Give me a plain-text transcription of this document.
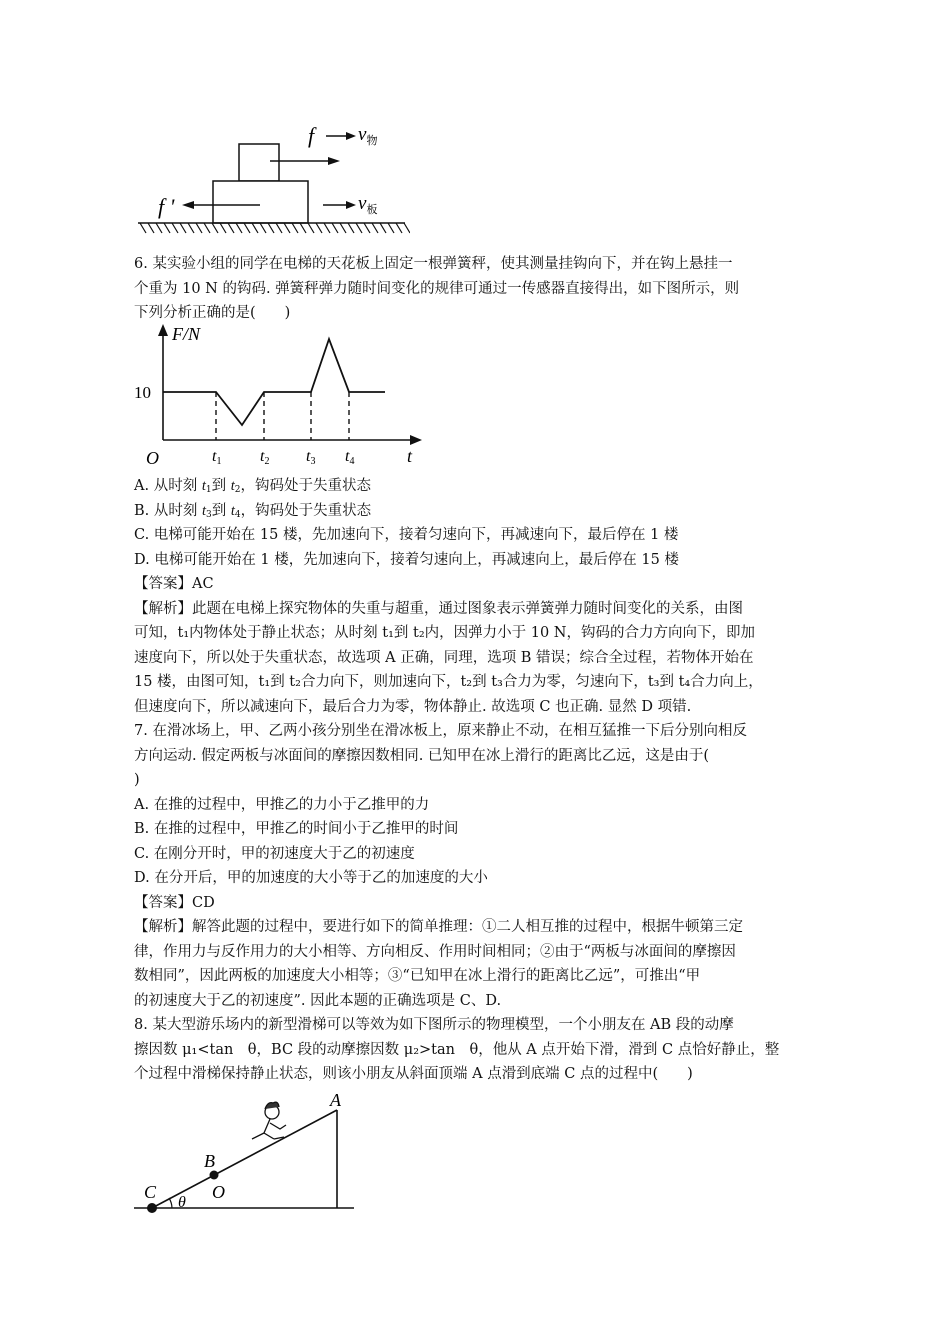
f $v_物$
f '	$v_板$
6. 某实验小组的同学在电梯的天花板上固定一根弹簧秤，使其测量挂钩向下，并在钩上悬挂一
个重为 10 N 的钩码. 弹簧秤弹力随时间变化的规律可通过一传感器直接得出，如下图所示，则
下列分析正确的是(　　)
F/N
O
10
t
t1 t2 t3 t4
A. 从时刻 $t_1$到 $t_2$，钩码处于失重状态
B. 从时刻 $t_3$到 $t_4$，钩码处于失重状态
C. 电梯可能开始在 15 楼，先加速向下，接着匀速向下，再减速向下，最后停在 1 楼
D. 电梯可能开始在 1 楼，先加速向下，接着匀速向上，再减速向上，最后停在 15 楼
【答案】AC
【解析】此题在电梯上探究物体的失重与超重，通过图象表示弹簧弹力随时间变化的关系，由图
可知，t₁内物体处于静止状态；从时刻 t₁到 t₂内，因弹力小于 10 N，钩码的合力方向向下，即加
速度向下，所以处于失重状态，故选项 A 正确，同理，选项 B 错误；综合全过程，若物体开始在
15 楼，由图可知，t₁到 t₂合力向下，则加速向下，t₂到 t₃合力为零，匀速向下，t₃到 t₄合力向上，
但速度向下，所以减速向下，最后合力为零，物体静止. 故选项 C 也正确. 显然 D 项错.
7. 在滑冰场上，甲、乙两小孩分别坐在滑冰板上，原来静止不动，在相互猛推一下后分别向相反
方向运动. 假定两板与冰面间的摩擦因数相同. 已知甲在冰上滑行的距离比乙远，这是由于(
)
A. 在推的过程中，甲推乙的力小于乙推甲的力
B. 在推的过程中，甲推乙的时间小于乙推甲的时间
C. 在刚分开时，甲的初速度大于乙的初速度
D. 在分开后，甲的加速度的大小等于乙的加速度的大小
【答案】CD
【解析】解答此题的过程中，要进行如下的简单推理：①二人相互推的过程中，根据牛顿第三定
律，作用力与反作用力的大小相等、方向相反、作用时间相同；②由于“两板与冰面间的摩擦因
数相同”，因此两板的加速度大小相等；③“已知甲在冰上滑行的距离比乙远”，可推出“甲
的初速度大于乙的初速度”. 因此本题的正确选项是 C、D.
8. 某大型游乐场内的新型滑梯可以等效为如下图所示的物理模型，一个小朋友在 AB 段的动摩
擦因数 μ₁<tan　θ，BC 段的动摩擦因数 μ₂>tan　θ，他从 A 点开始下滑，滑到 C 点恰好静止，整
个过程中滑梯保持静止状态，则该小朋友从斜面顶端 A 点滑到底端 C 点的过程中(　　)
A
B
C	O
θ
